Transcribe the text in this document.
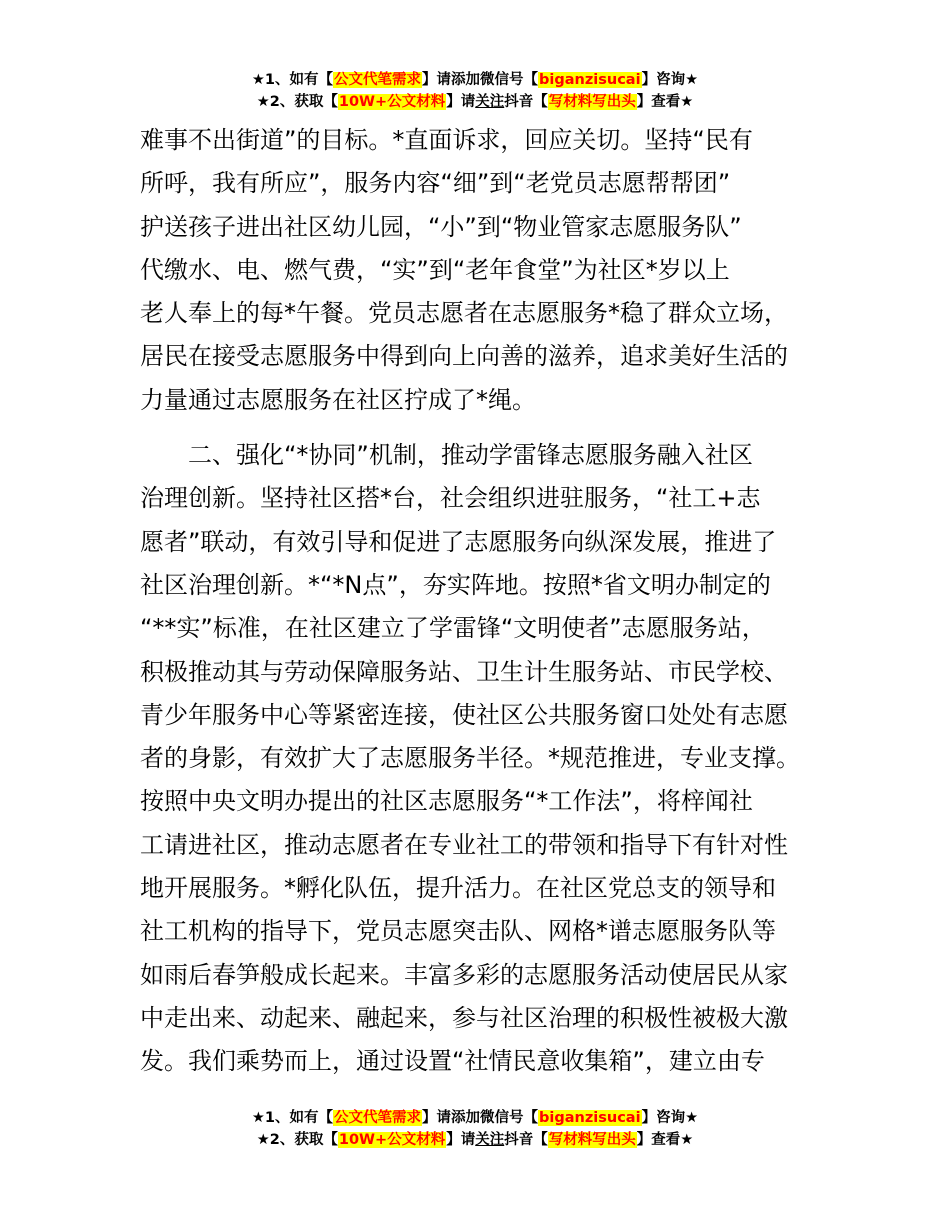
★1、如有【公文代笔需求】请添加微信号【biganzisucai】咨询★
★2、获取【10W+公文材料】请关注抖音【写材料写出头】查看★
难事不出街道”的目标。*直面诉求，回应关切。坚持“民有
所呼，我有所应”，服务内容“细”到“老党员志愿帮帮团”
护送孩子进出社区幼儿园，“小”到“物业管家志愿服务队”
代缴水、电、燃气费，“实”到“老年食堂”为社区*岁以上
老人奉上的每*午餐。党员志愿者在志愿服务*稳了群众立场，
居民在接受志愿服务中得到向上向善的滋养，追求美好生活的
力量通过志愿服务在社区拧成了*绳。
二、强化“*协同”机制，推动学雷锋志愿服务融入社区
治理创新。坚持社区搭*台，社会组织进驻服务，“社工+志
愿者”联动，有效引导和促进了志愿服务向纵深发展，推进了
社区治理创新。*“*N点”，夯实阵地。按照*省文明办制定的
“**实”标准，在社区建立了学雷锋“文明使者”志愿服务站，
积极推动其与劳动保障服务站、卫生计生服务站、市民学校、
青少年服务中心等紧密连接，使社区公共服务窗口处处有志愿
者的身影，有效扩大了志愿服务半径。*规范推进，专业支撑。
按照中央文明办提出的社区志愿服务“*工作法”，将梓闻社
工请进社区，推动志愿者在专业社工的带领和指导下有针对性
地开展服务。*孵化队伍，提升活力。在社区党总支的领导和
社工机构的指导下，党员志愿突击队、网格*谱志愿服务队等
如雨后春笋般成长起来。丰富多彩的志愿服务活动使居民从家
中走出来、动起来、融起来，参与社区治理的积极性被极大激
发。我们乘势而上，通过设置“社情民意收集箱”，建立由专
★1、如有【公文代笔需求】请添加微信号【biganzisucai】咨询★
★2、获取【10W+公文材料】请关注抖音【写材料写出头】查看★
